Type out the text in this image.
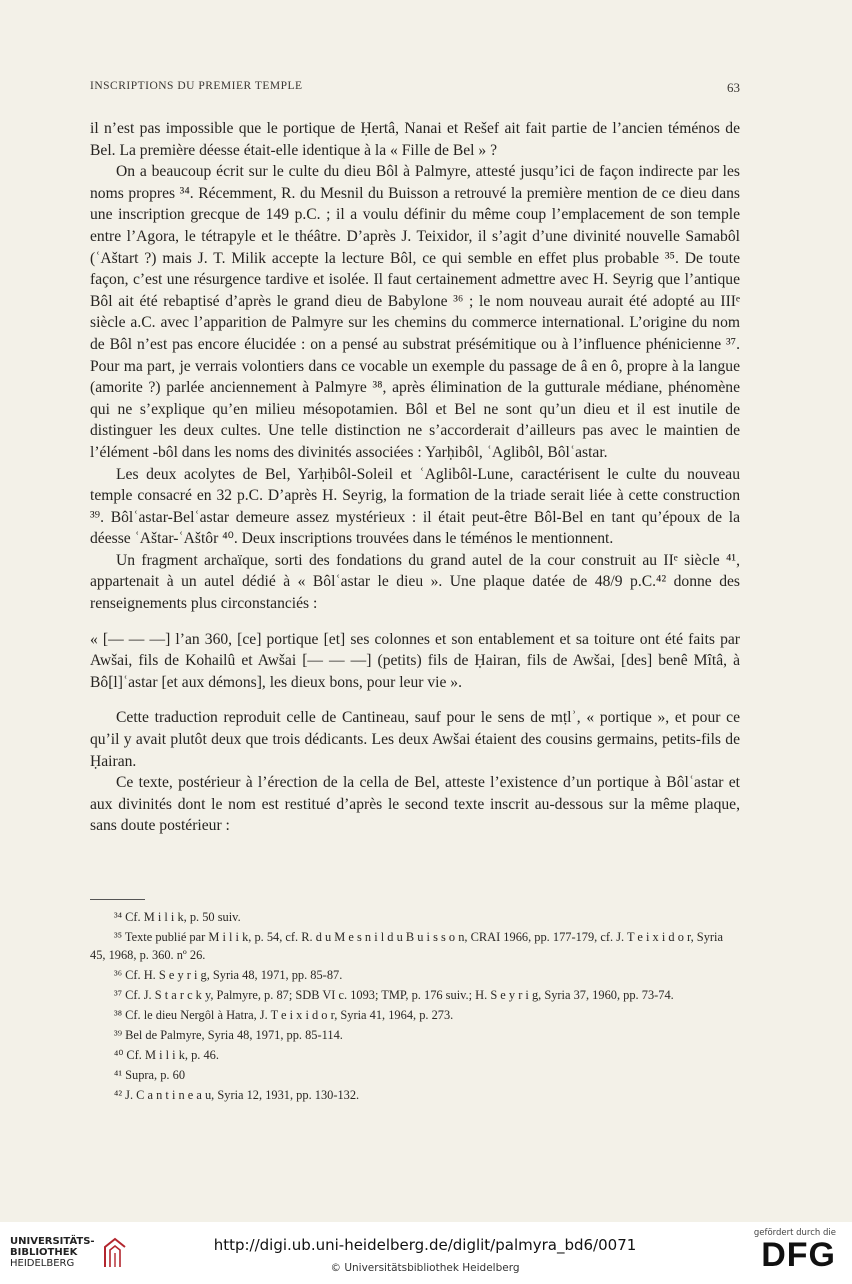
INSCRIPTIONS DU PREMIER TEMPLE	63

il n’est pas impossible que le portique de Ḥertâ, Nanai et Rešef ait fait partie de l’ancien téménos de Bel. La première déesse était-elle identique à la « Fille de Bel » ?

On a beaucoup écrit sur le culte du dieu Bôl à Palmyre, attesté jusqu’ici de façon indirecte par les noms propres ³⁴. Récemment, R. du Mesnil du Buisson a retrouvé la première mention de ce dieu dans une inscription grecque de 149 p.C. ; il a voulu définir du même coup l’emplacement de son temple entre l’Agora, le tétrapyle et le théâtre. D’après J. Teixidor, il s’agit d’une divinité nouvelle Samabôl (ʿAštart ?) mais J. T. Milik accepte la lecture Bôl, ce qui semble en effet plus probable ³⁵. De toute façon, c’est une résurgence tardive et isolée. Il faut certainement admettre avec H. Seyrig que l’antique Bôl ait été rebaptisé d’après le grand dieu de Babylone ³⁶ ; le nom nouveau aurait été adopté au IIIᵉ siècle a.C. avec l’apparition de Palmyre sur les chemins du commerce international. L’origine du nom de Bôl n’est pas encore élucidée : on a pensé au substrat présémitique ou à l’influence phénicienne ³⁷. Pour ma part, je verrais volontiers dans ce vocable un exemple du passage de â en ô, propre à la langue (amorite ?) parlée anciennement à Palmyre ³⁸, après élimination de la gutturale médiane, phénomène qui ne s’explique qu’en milieu mésopotamien. Bôl et Bel ne sont qu’un dieu et il est inutile de distinguer les deux cultes. Une telle distinction ne s’accorderait d’ailleurs pas avec le maintien de l’élément -bôl dans les noms des divinités associées : Yarḥibôl, ʿAglibôl, Bôlʿastar.

Les deux acolytes de Bel, Yarḥibôl-Soleil et ʿAglibôl-Lune, caractérisent le culte du nouveau temple consacré en 32 p.C. D’après H. Seyrig, la formation de la triade serait liée à cette construction ³⁹. Bôlʿastar-Belʿastar demeure assez mystérieux : il était peut-être Bôl-Bel en tant qu’époux de la déesse ʿAštar-ʿAštôr ⁴⁰. Deux inscriptions trouvées dans le téménos le mentionnent.

Un fragment archaïque, sorti des fondations du grand autel de la cour construit au IIᵉ siècle ⁴¹, appartenait à un autel dédié à « Bôlʿastar le dieu ». Une plaque datée de 48/9 p.C.⁴² donne des renseignements plus circonstanciés :

« [— — —] l’an 360, [ce] portique [et] ses colonnes et son entablement et sa toiture ont été faits par Awšai, fils de Kohailû et Awšai [— — —] (petits) fils de Ḥairan, fils de Awšai, [des] benê Mîtâ, à Bô[l]ʿastar [et aux démons], les dieux bons, pour leur vie ».

Cette traduction reproduit celle de Cantineau, sauf pour le sens de mṭlʾ, « portique », et pour ce qu’il y avait plutôt deux que trois dédicants. Les deux Awšai étaient des cousins germains, petits-fils de Ḥairan.

Ce texte, postérieur à l’érection de la cella de Bel, atteste l’existence d’un portique à Bôlʿastar et aux divinités dont le nom est restitué d’après le second texte inscrit au-dessous sur la même plaque, sans doute postérieur :

³⁴ Cf. M i l i k, p. 50 suiv.
³⁵ Texte publié par M i l i k, p. 54, cf. R. d u M e s n i l d u B u i s s o n, CRAI 1966, pp. 177-179, cf. J. T e i x i d o r, Syria 45, 1968, p. 360. nº 26.
³⁶ Cf. H. S e y r i g, Syria 48, 1971, pp. 85-87.
³⁷ Cf. J. S t a r c k y, Palmyre, p. 87; SDB VI c. 1093; TMP, p. 176 suiv.; H. S e y r i g, Syria 37, 1960, pp. 73-74.
³⁸ Cf. le dieu Nergôl à Hatra, J. T e i x i d o r, Syria 41, 1964, p. 273.
³⁹ Bel de Palmyre, Syria 48, 1971, pp. 85-114.
⁴⁰ Cf. M i l i k, p. 46.
⁴¹ Supra, p. 60
⁴² J. C a n t i n e a u, Syria 12, 1931, pp. 130-132.
UNIVERSITÄTS-
BIBLIOTHEK
HEIDELBERG
http://digi.ub.uni-heidelberg.de/diglit/palmyra_bd6/0071
© Universitätsbibliothek Heidelberg
gefördert durch die
DFG
